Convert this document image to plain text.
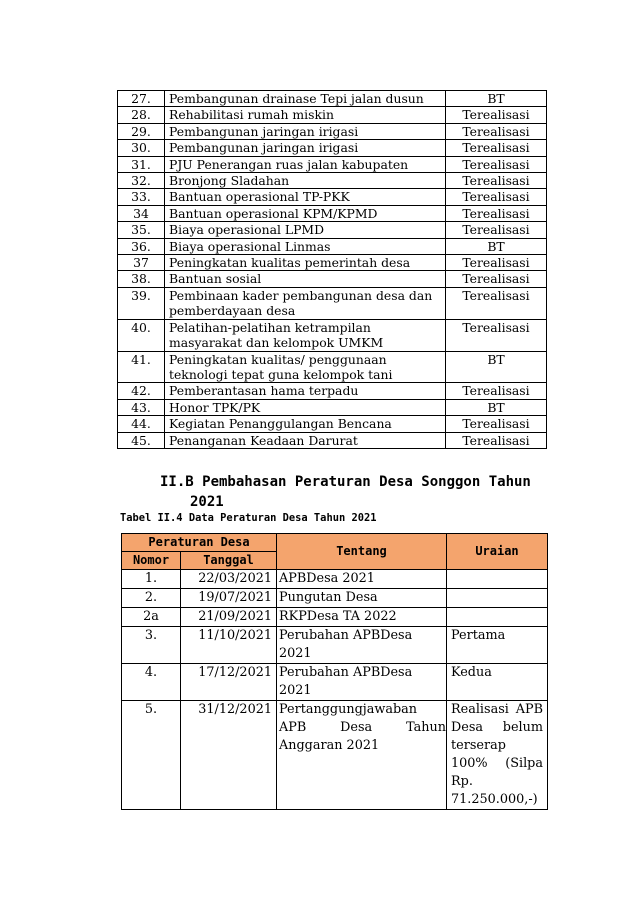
27.	Pembangunan drainase Tepi jalan dusun	BT
28.	Rehabilitasi rumah miskin	Terealisasi
29.	Pembangunan jaringan irigasi	Terealisasi
30.	Pembangunan jaringan irigasi	Terealisasi
31.	PJU Penerangan ruas jalan kabupaten	Terealisasi
32.	Bronjong Sladahan	Terealisasi
33.	Bantuan operasional TP-PKK	Terealisasi
34	Bantuan operasional KPM/KPMD	Terealisasi
35.	Biaya operasional LPMD	Terealisasi
36.	Biaya operasional Linmas	BT
37	Peningkatan kualitas pemerintah desa	Terealisasi
38.	Bantuan sosial	Terealisasi
39.	Pembinaan kader pembangunan desa dan pemberdayaan desa	Terealisasi
40.	Pelatihan-pelatihan ketrampilan masyarakat dan kelompok UMKM	Terealisasi
41.	Peningkatan kualitas/ penggunaan teknologi tepat guna kelompok tani	BT
42.	Pemberantasan hama terpadu	Terealisasi
43.	Honor TPK/PK	BT
44.	Kegiatan Penanggulangan Bencana	Terealisasi
45.	Penanganan Keadaan Darurat	Terealisasi
II.B Pembahasan Peraturan Desa Songgon Tahun
2021
Tabel II.4 Data Peraturan Desa Tahun 2021
Peraturan Desa		Tentang	Uraian
Nomor	Tanggal		
1.	22/03/2021	APBDesa 2021	
2.	19/07/2021	Pungutan Desa	
2a	21/09/2021	RKPDesa TA 2022	
3.	11/10/2021	Perubahan APBDesa 2021	Pertama
4.	17/12/2021	Perubahan APBDesa 2021	Kedua
5.	31/12/2021	Pertanggungjawaban APB Desa Tahun Anggaran 2021	Realisasi APB Desa belum terserap 100% (Silpa Rp. 71.250.000,-)
